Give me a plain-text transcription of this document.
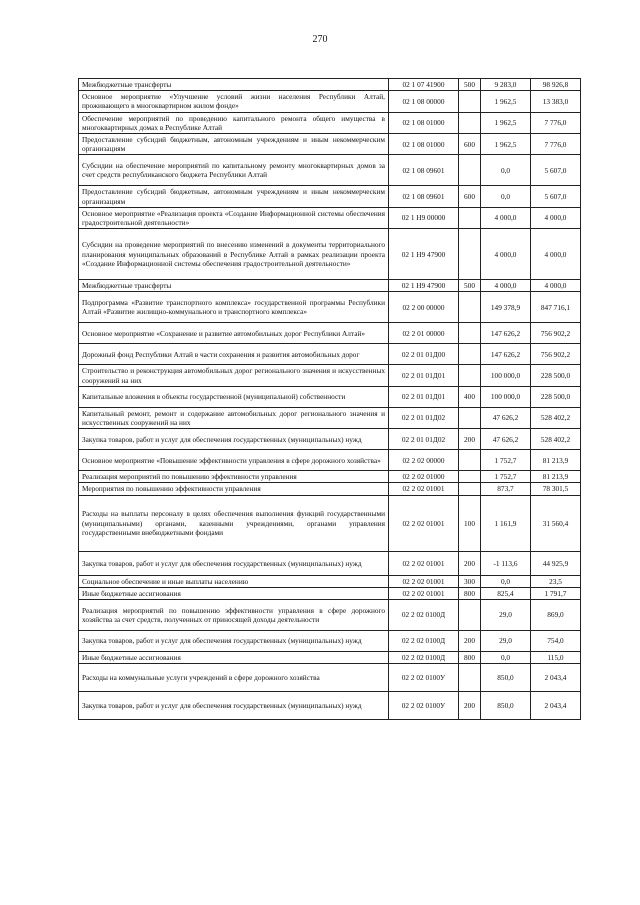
270
Межбюджетные трансферты	02 1 07 41900	500	9 283,0	98 926,8
Основное мероприятие «Улучшение условий жизни населения Республики Алтай, проживающего в многоквартирном жилом фонде»	02 1 08 00000		1 962,5	13 383,0
Обеспечение мероприятий по проведению капитального ремонта общего имущества в многоквартирных домах в Республике Алтай	02 1 08 01000		1 962,5	7 776,0
Предоставление субсидий бюджетным, автономным учреждениям и иным некоммерческим организациям	02 1 08 01000	600	1 962,5	7 776,0
Субсидии на обеспечение мероприятий по капитальному ремонту многоквартирных домов за счет средств республиканского бюджета Республики Алтай	02 1 08 09601		0,0	5 607,0
Предоставление субсидий бюджетным, автономным учреждениям и иным некоммерческим организациям	02 1 08 09601	600	0,0	5 607,0
Основное мероприятие «Реализация проекта «Создание Информационной системы обеспечения градостроительной деятельности»	02 1 Н9 00000		4 000,0	4 000,0
Субсидии на проведение мероприятий по внесению изменений в документы территориального планирования муниципальных образований в Республике Алтай в рамках реализации проекта «Создание Информационной системы обеспечения градостроительной деятельности»	02 1 Н9 47900		4 000,0	4 000,0
Межбюджетные трансферты	02 1 Н9 47900	500	4 000,0	4 000,0
Подпрограмма «Развитие транспортного комплекса» государственной программы Республики Алтай «Развитие жилищно-коммунального и транспортного комплекса»	02 2 00 00000		149 378,9	847 716,1
Основное мероприятие «Сохранение и развитие автомобильных дорог Республики Алтай»	02 2 01 00000		147 626,2	756 902,2
Дорожный фонд Республики Алтай в части сохранения и развития автомобильных дорог	02 2 01 01Д00		147 626,2	756 902,2
Строительство и реконструкция автомобильных дорог регионального значения и искусственных сооружений на них	02 2 01 01Д01		100 000,0	228 500,0
Капитальные вложения в объекты государственной (муниципальной) собственности	02 2 01 01Д01	400	100 000,0	228 500,0
Капитальный ремонт, ремонт и содержание автомобильных дорог регионального значения и искусственных сооружений на них	02 2 01 01Д02		47 626,2	528 402,2
Закупка товаров, работ и услуг для обеспечения государственных (муниципальных) нужд	02 2 01 01Д02	200	47 626,2	528 402,2
Основное мероприятие «Повышение эффективности управления в сфере дорожного хозяйства»	02 2 02 00000		1 752,7	81 213,9
Реализация мероприятий по повышению эффективности управления	02 2 02 01000		1 752,7	81 213,9
Мероприятия по повышению эффективности управления	02 2 02 01001		873,7	78 301,5
Расходы на выплаты персоналу в целях обеспечения выполнения функций государственными (муниципальными) органами, казенными учреждениями, органами управления государственными внебюджетными фондами	02 2 02 01001	100	1 161,9	31 560,4
Закупка товаров, работ и услуг для обеспечения государственных (муниципальных) нужд	02 2 02 01001	200	-1 113,6	44 925,9
Социальное обеспечение и иные выплаты населению	02 2 02 01001	300	0,0	23,5
Иные бюджетные ассигнования	02 2 02 01001	800	825,4	1 791,7
Реализация мероприятий по повышению эффективности управления в сфере дорожного хозяйства за счет средств, полученных от приносящей доходы деятельности	02 2 02 0100Д		29,0	869,0
Закупка товаров, работ и услуг для обеспечения государственных (муниципальных) нужд	02 2 02 0100Д	200	29,0	754,0
Иные бюджетные ассигнования	02 2 02 0100Д	800	0,0	115,0
Расходы на коммунальные услуги учреждений в сфере дорожного хозяйства	02 2 02 0100У		850,0	2 043,4
Закупка товаров, работ и услуг для обеспечения государственных (муниципальных) нужд	02 2 02 0100У	200	850,0	2 043,4
